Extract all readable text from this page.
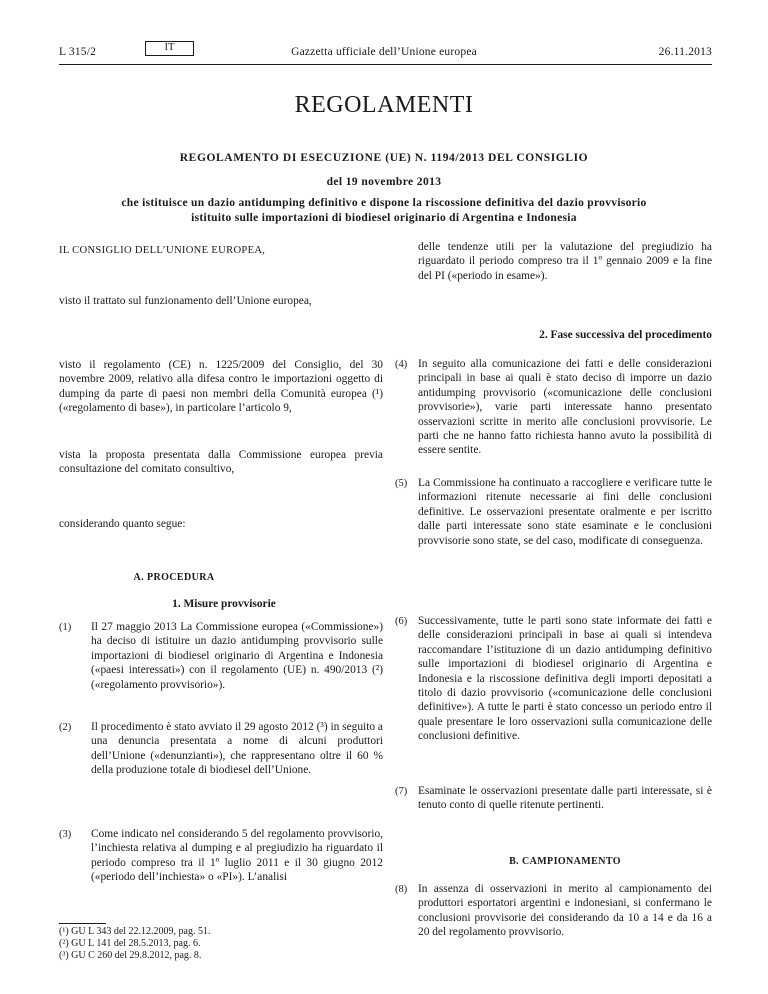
L 315/2	IT	Gazzetta ufficiale dell’Unione europea	26.11.2013
REGOLAMENTI
REGOLAMENTO DI ESECUZIONE (UE) N. 1194/2013 DEL CONSIGLIO
del 19 novembre 2013
che istituisce un dazio antidumping definitivo e dispone la riscossione definitiva del dazio provvisorio istituito sulle importazioni di biodiesel originario di Argentina e Indonesia
IL CONSIGLIO DELL’UNIONE EUROPEA,
visto il trattato sul funzionamento dell’Unione europea,
visto il regolamento (CE) n. 1225/2009 del Consiglio, del 30 novembre 2009, relativo alla difesa contro le importazioni oggetto di dumping da parte di paesi non membri della Comunità europea (¹) («regolamento di base»), in particolare l’articolo 9,
vista la proposta presentata dalla Commissione europea previa consultazione del comitato consultivo,
considerando quanto segue:
A. PROCEDURA
1. Misure provvisorie
(1) Il 27 maggio 2013 La Commissione europea («Commissione») ha deciso di istituire un dazio antidumping provvisorio sulle importazioni di biodiesel originario di Argentina e Indonesia («paesi interessati») con il regolamento (UE) n. 490/2013 (²) («regolamento provvisorio»).
(2) Il procedimento è stato avviato il 29 agosto 2012 (³) in seguito a una denuncia presentata a nome di alcuni produttori dell’Unione («denunzianti»), che rappresentano oltre il 60 % della produzione totale di biodiesel dell’Unione.
(3) Come indicato nel considerando 5 del regolamento provvisorio, l’inchiesta relativa al dumping e al pregiudizio ha riguardato il periodo compreso tra il 1º luglio 2011 e il 30 giugno 2012 («periodo dell’inchiesta» o «PI»). L’analisi
(¹) GU L 343 del 22.12.2009, pag. 51.
(²) GU L 141 del 28.5.2013, pag. 6.
(³) GU C 260 del 29.8.2012, pag. 8.
delle tendenze utili per la valutazione del pregiudizio ha riguardato il periodo compreso tra il 1º gennaio 2009 e la fine del PI («periodo in esame»).
2. Fase successiva del procedimento
(4) In seguito alla comunicazione dei fatti e delle considerazioni principali in base ai quali è stato deciso di imporre un dazio antidumping provvisorio («comunicazione delle conclusioni provvisorie»), varie parti interessate hanno presentato osservazioni scritte in merito alle conclusioni provvisorie. Le parti che ne hanno fatto richiesta hanno avuto la possibilità di essere sentite.
(5) La Commissione ha continuato a raccogliere e verificare tutte le informazioni ritenute necessarie ai fini delle conclusioni definitive. Le osservazioni presentate oralmente e per iscritto dalle parti interessate sono state esaminate e le conclusioni provvisorie sono state, se del caso, modificate di conseguenza.
(6) Successivamente, tutte le parti sono state informate dei fatti e delle considerazioni principali in base ai quali si intendeva raccomandare l’istituzione di un dazio antidumping definitivo sulle importazioni di biodiesel originario di Argentina e Indonesia e la riscossione definitiva degli importi depositati a titolo di dazio provvisorio («comunicazione delle conclusioni definitive»). A tutte le parti è stato concesso un periodo entro il quale presentare le loro osservazioni sulla comunicazione delle conclusioni definitive.
(7) Esaminate le osservazioni presentate dalle parti interessate, si è tenuto conto di quelle ritenute pertinenti.
B. CAMPIONAMENTO
(8) In assenza di osservazioni in merito al campionamento dei produttori esportatori argentini e indonesiani, si confermano le conclusioni provvisorie dei considerando da 10 a 14 e da 16 a 20 del regolamento provvisorio.
